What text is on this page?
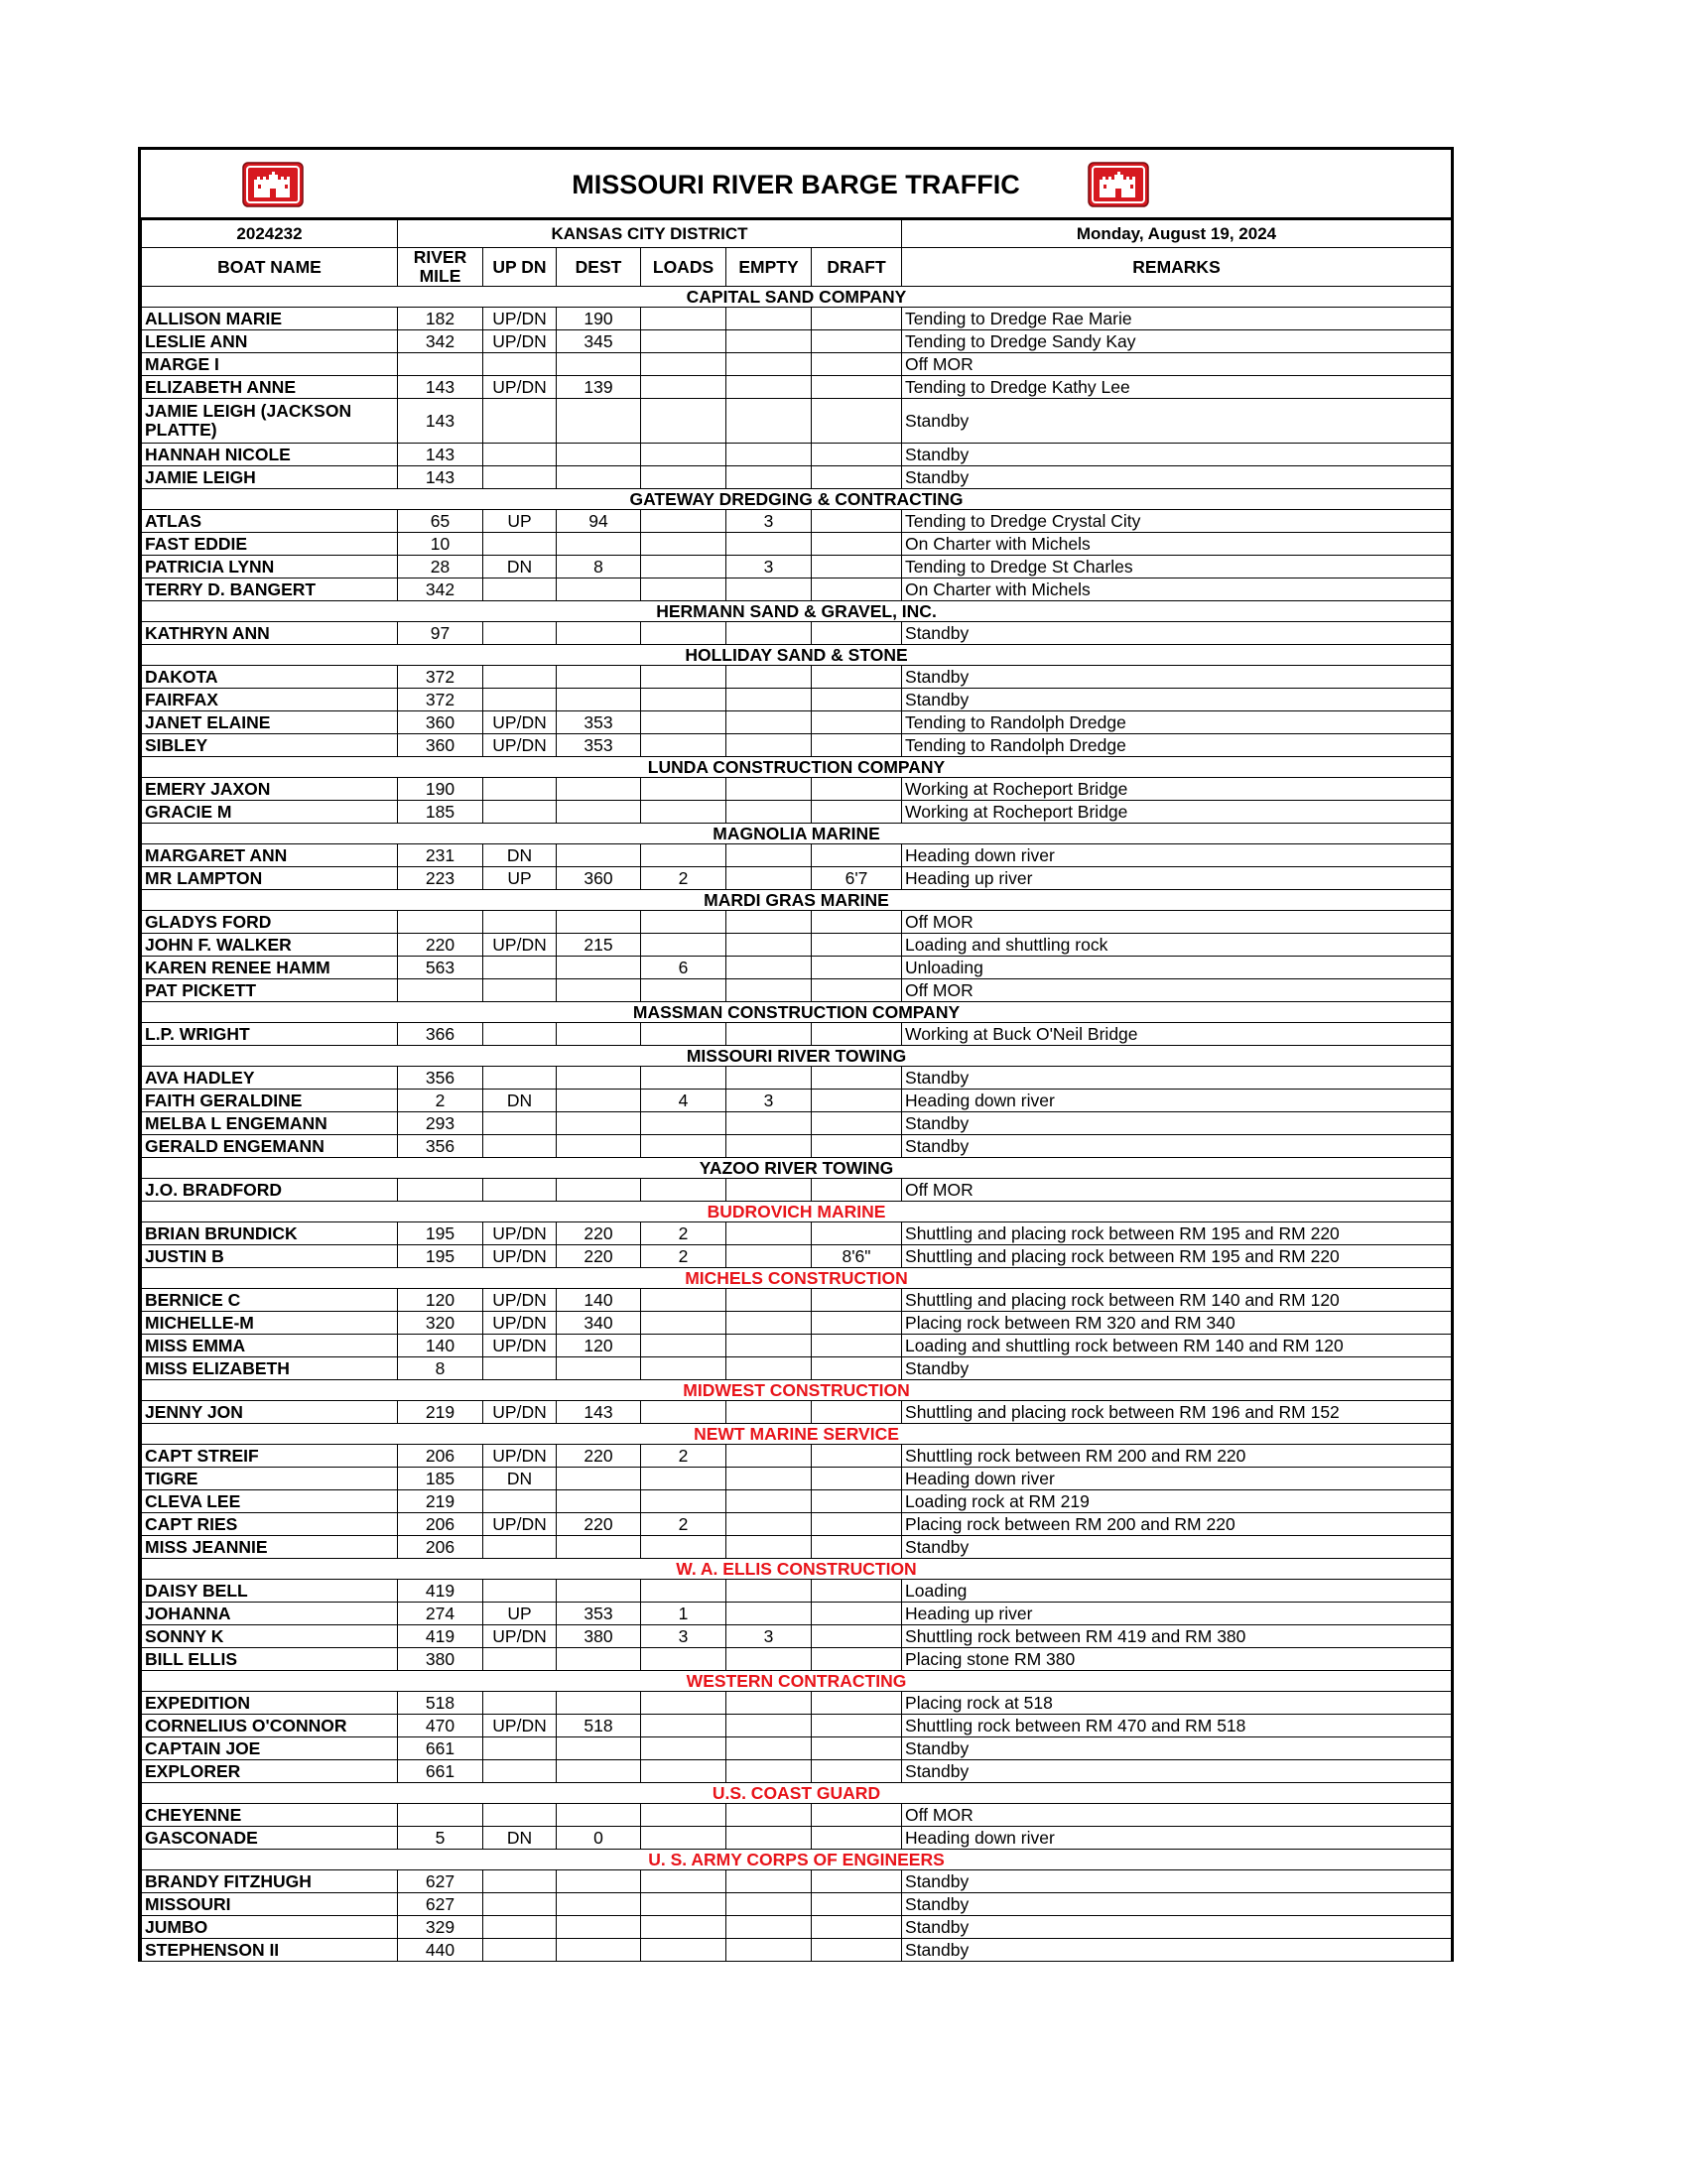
MISSOURI RIVER BARGE TRAFFIC
2024232	KANSAS CITY DISTRICT						Monday, August 19, 2024
BOAT NAME	RIVER MILE	UP DN	DEST	LOADS	EMPTY	DRAFT	REMARKS
CAPITAL SAND COMPANY							
ALLISON MARIE	182	UP/DN	190				Tending to Dredge Rae Marie
LESLIE ANN	342	UP/DN	345				Tending to Dredge Sandy Kay
MARGE I							Off MOR
ELIZABETH ANNE	143	UP/DN	139				Tending to Dredge Kathy Lee
JAMIE LEIGH (JACKSON PLATTE)	143						Standby
HANNAH NICOLE	143						Standby
JAMIE LEIGH	143						Standby
GATEWAY DREDGING & CONTRACTING							
ATLAS	65	UP	94		3		Tending to Dredge Crystal City
FAST EDDIE	10						On Charter with Michels
PATRICIA LYNN	28	DN	8		3		Tending to Dredge St Charles
TERRY D. BANGERT	342						On Charter with Michels
HERMANN SAND & GRAVEL, INC.							
KATHRYN ANN	97						Standby
HOLLIDAY SAND & STONE							
DAKOTA	372						Standby
FAIRFAX	372						Standby
JANET ELAINE	360	UP/DN	353				Tending to Randolph Dredge
SIBLEY	360	UP/DN	353				Tending to Randolph Dredge
LUNDA CONSTRUCTION COMPANY							
EMERY JAXON	190						Working at Rocheport Bridge
GRACIE M	185						Working at Rocheport Bridge
MAGNOLIA MARINE							
MARGARET ANN	231	DN					Heading down river
MR LAMPTON	223	UP	360	2		6'7	Heading up river
MARDI GRAS MARINE							
GLADYS FORD							Off MOR
JOHN F. WALKER	220	UP/DN	215				Loading and shuttling rock
KAREN RENEE HAMM	563			6			Unloading
PAT PICKETT							Off MOR
MASSMAN CONSTRUCTION COMPANY							
L.P. WRIGHT	366						Working at Buck O'Neil Bridge
MISSOURI RIVER TOWING							
AVA HADLEY	356						Standby
FAITH GERALDINE	2	DN		4	3		Heading down river
MELBA L ENGEMANN	293						Standby
GERALD ENGEMANN	356						Standby
YAZOO RIVER TOWING							
J.O. BRADFORD							Off MOR
BUDROVICH MARINE							
BRIAN BRUNDICK	195	UP/DN	220	2			Shuttling and placing rock between RM 195 and RM 220
JUSTIN B	195	UP/DN	220	2		8'6"	Shuttling and placing rock between RM 195 and RM 220
MICHELS CONSTRUCTION							
BERNICE C	120	UP/DN	140				Shuttling and placing rock between RM 140 and RM 120
MICHELLE-M	320	UP/DN	340				Placing rock between RM 320 and RM 340
MISS EMMA	140	UP/DN	120				Loading and shuttling rock between RM 140 and RM 120
MISS ELIZABETH	8						Standby
MIDWEST CONSTRUCTION							
JENNY JON	219	UP/DN	143				Shuttling and placing rock between RM 196 and RM 152
NEWT MARINE SERVICE							
CAPT STREIF	206	UP/DN	220	2			Shuttling rock between RM 200 and RM 220
TIGRE	185	DN					Heading down river
CLEVA LEE	219						Loading rock at RM 219
CAPT RIES	206	UP/DN	220	2			Placing rock between RM 200 and RM 220
MISS JEANNIE	206						Standby
W. A. ELLIS CONSTRUCTION							
DAISY BELL	419						Loading
JOHANNA	274	UP	353	1			Heading up river
SONNY K	419	UP/DN	380	3	3		Shuttling rock between RM 419 and RM 380
BILL ELLIS	380						Placing stone RM 380
WESTERN CONTRACTING							
EXPEDITION	518						Placing rock at 518
CORNELIUS O'CONNOR	470	UP/DN	518				Shuttling rock between RM 470 and RM 518
CAPTAIN JOE	661						Standby
EXPLORER	661						Standby
U.S. COAST GUARD							
CHEYENNE							Off MOR
GASCONADE	5	DN	0				Heading down river
U. S. ARMY CORPS OF ENGINEERS							
BRANDY FITZHUGH	627						Standby
MISSOURI	627						Standby
JUMBO	329						Standby
STEPHENSON II	440						Standby
